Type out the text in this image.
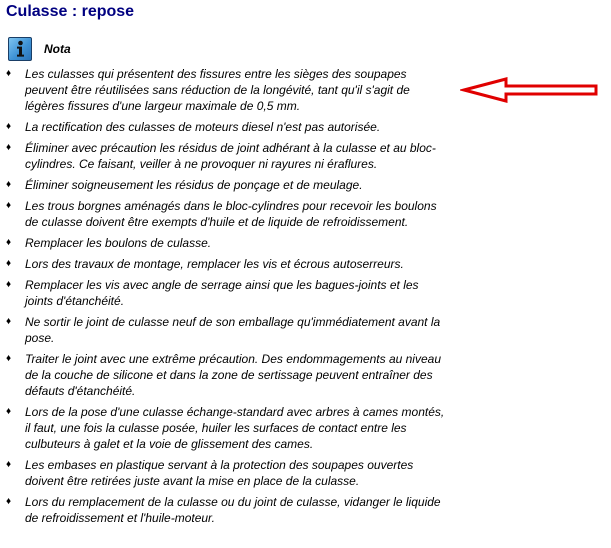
Culasse : repose
Nota
♦ Les culasses qui présentent des fissures entre les sièges des soupapes peuvent être réutilisées sans réduction de la longévité, tant qu'il s'agit de légères fissures d'une largeur maximale de 0,5 mm.
♦ La rectification des culasses de moteurs diesel n'est pas autorisée.
♦ Éliminer avec précaution les résidus de joint adhérant à la culasse et au bloc-cylindres. Ce faisant, veiller à ne provoquer ni rayures ni éraflures.
♦ Éliminer soigneusement les résidus de ponçage et de meulage.
♦ Les trous borgnes aménagés dans le bloc-cylindres pour recevoir les boulons de culasse doivent être exempts d'huile et de liquide de refroidissement.
♦ Remplacer les boulons de culasse.
♦ Lors des travaux de montage, remplacer les vis et écrous autoserreurs.
♦ Remplacer les vis avec angle de serrage ainsi que les bagues-joints et les joints d'étanchéité.
♦ Ne sortir le joint de culasse neuf de son emballage qu'immédiatement avant la pose.
♦ Traiter le joint avec une extrême précaution. Des endommagements au niveau de la couche de silicone et dans la zone de sertissage peuvent entraîner des défauts d'étanchéité.
♦ Lors de la pose d'une culasse échange-standard avec arbres à cames montés, il faut, une fois la culasse posée, huiler les surfaces de contact entre les culbuteurs à galet et la voie de glissement des cames.
♦ Les embases en plastique servant à la protection des soupapes ouvertes doivent être retirées juste avant la mise en place de la culasse.
♦ Lors du remplacement de la culasse ou du joint de culasse, vidanger le liquide de refroidissement et l'huile-moteur.
